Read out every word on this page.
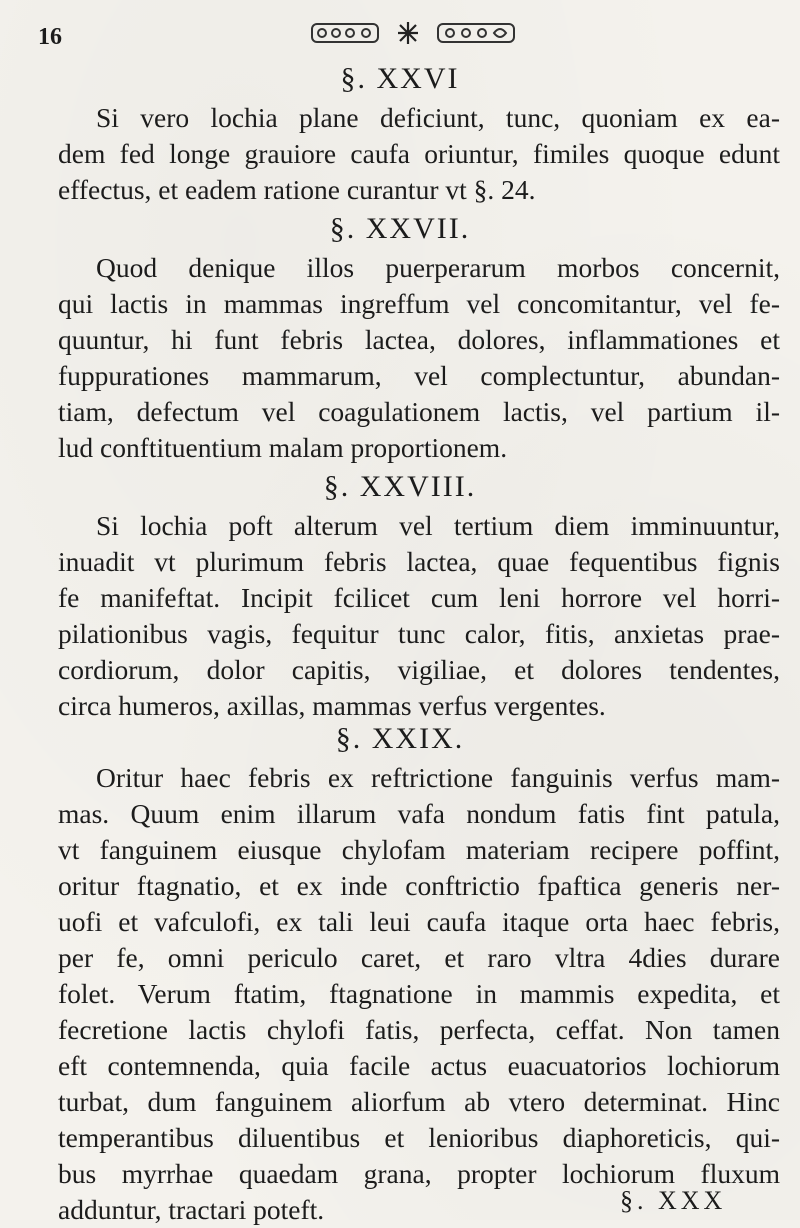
16
§. XXVI
Si vero lochia plane deficiunt, tunc, quoniam ex ea-
dem fed longe grauiore caufa oriuntur, fimiles quoque edunt
effectus, et eadem ratione curantur vt §. 24.
§. XXVII.
Quod denique illos puerperarum morbos concernit,
qui lactis in mammas ingreffum vel concomitantur, vel fe-
quuntur, hi funt febris lactea, dolores, inflammationes et
fuppurationes mammarum, vel complectuntur, abundan-
tiam, defectum vel coagulationem lactis, vel partium il-
lud conftituentium malam proportionem.
§. XXVIII.
Si lochia poft alterum vel tertium diem imminuuntur,
inuadit vt plurimum febris lactea, quae fequentibus fignis
fe manifeftat. Incipit fcilicet cum leni horrore vel horri-
pilationibus vagis, fequitur tunc calor, fitis, anxietas prae-
cordiorum, dolor capitis, vigiliae, et dolores tendentes,
circa humeros, axillas, mammas verfus vergentes.
§. XXIX.
Oritur haec febris ex reftrictione fanguinis verfus mam-
mas. Quum enim illarum vafa nondum fatis fint patula,
vt fanguinem eiusque chylofam materiam recipere poffint,
oritur ftagnatio, et ex inde conftrictio fpaftica generis ner-
uofi et vafculofi, ex tali leui caufa itaque orta haec febris,
per fe, omni periculo caret, et raro vltra 4dies durare
folet. Verum ftatim, ftagnatione in mammis expedita, et
fecretione lactis chylofi fatis, perfecta, ceffat. Non tamen
eft contemnenda, quia facile actus euacuatorios lochiorum
turbat, dum fanguinem aliorfum ab vtero determinat. Hinc
temperantibus diluentibus et lenioribus diaphoreticis, qui-
bus myrrhae quaedam grana, propter lochiorum fluxum
adduntur, tractari poteft.	§. XXX
